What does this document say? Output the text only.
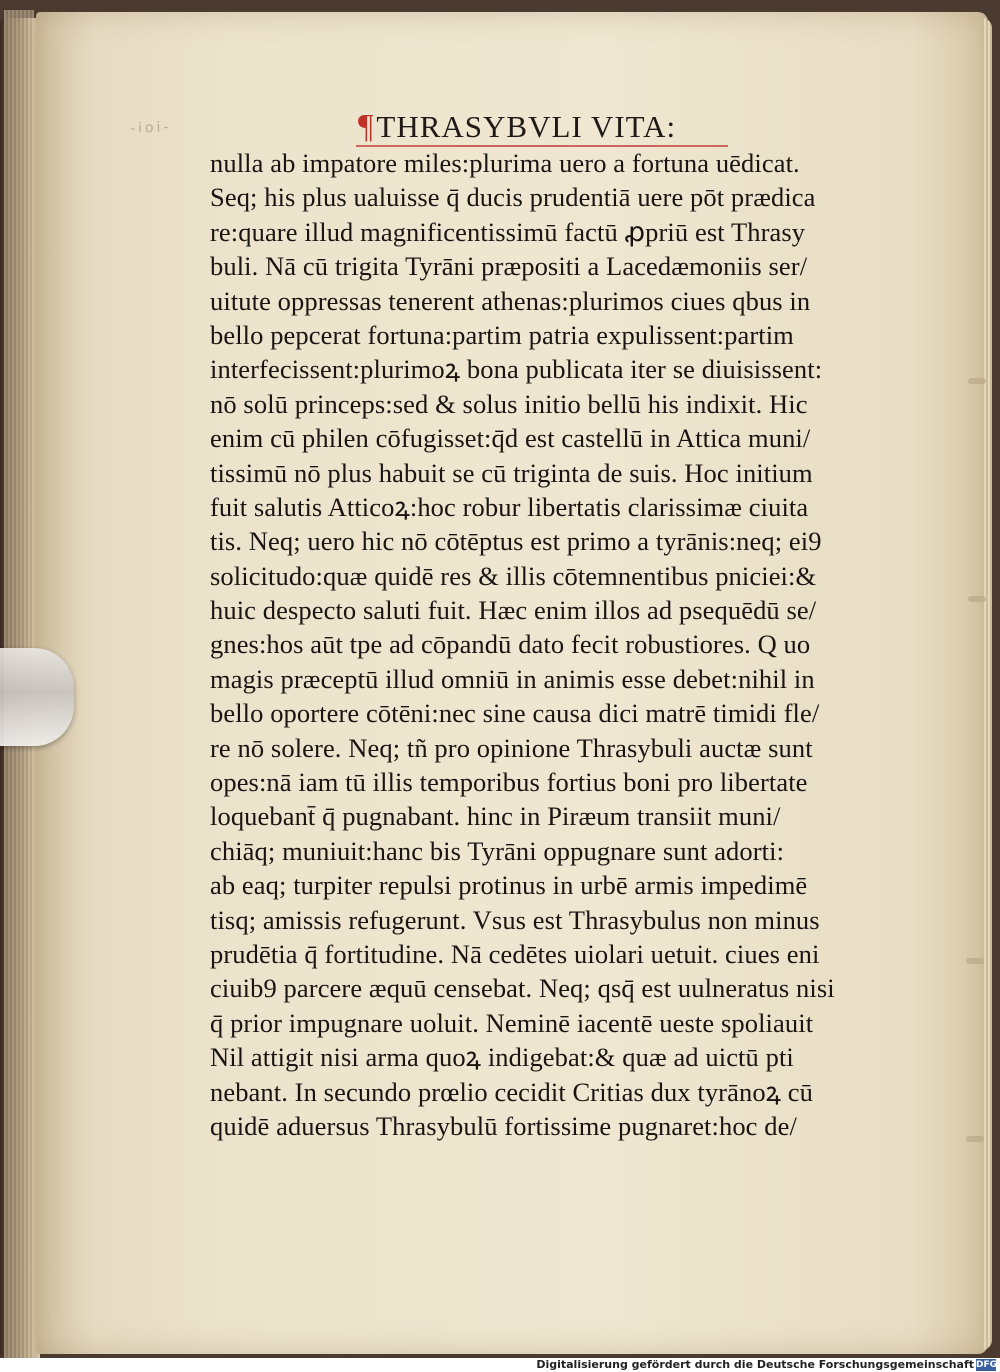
-ioi-	¶THRASYBVLI VITA:
nulla ab impatore miles:plurima uero a fortuna uēdicat.
Seq; his plus ualuisse q̄ ducis prudentiā uere pōt prædica
re:quare illud magnificentissimū factū ꝓpriū est Thrasy
buli. Nā cū trigita Tyrāni præpositi a Lacedæmoniis ser/
uitute oppressas tenerent athenas:plurimos ciues qbus in
bello pepcerat fortuna:partim patria expulissent:partim
interfecissent:plurimoꝝ bona publicata iter se diuisissent:
nō solū princeps:sed & solus initio bellū his indixit. Hic
enim cū philen cōfugisset:q̄d est castellū in Attica muni/
tissimū nō plus habuit se cū triginta de suis. Hoc initium
fuit salutis Atticoꝝ:hoc robur libertatis clarissimæ ciuita
tis. Neq; uero hic nō cōtēptus est primo a tyrānis:neq; ei9
solicitudo:quæ quidē res & illis cōtemnentibus pniciei:&
huic despecto saluti fuit. Hæc enim illos ad psequēdū se/
gnes:hos aūt tpe ad cōpandū dato fecit robustiores. Q uo
magis præceptū illud omniū in animis esse debet:nihil in
bello oportere cōtēni:nec sine causa dici matrē timidi fle/
re nō solere. Neq; tñ pro opinione Thrasybuli auctæ sunt
opes:nā iam tū illis temporibus fortius boni pro libertate
loquebant̄ q̄ pugnabant. hinc in Piræum transiit muni/
chiāq; muniuit:hanc bis Tyrāni oppugnare sunt adorti:
ab eaq; turpiter repulsi protinus in urbē armis impedimē
tisq; amissis refugerunt. Vsus est Thrasybulus non minus
prudētia q̄ fortitudine. Nā cedētes uiolari uetuit. ciues eni
ciuib9 parcere æquū censebat. Neq; qsq̄ est uulneratus nisi
q̄ prior impugnare uoluit. Neminē iacentē ueste spoliauit
Nil attigit nisi arma quoꝝ indigebat:& quæ ad uictū pti
nebant. In secundo prœlio cecidit Critias dux tyrānoꝝ cū
quidē aduersus Thrasybulū fortissime pugnaret:hoc de/
Digitalisierung gefördert durch die Deutsche Forschungsgemeinschaft DFG
